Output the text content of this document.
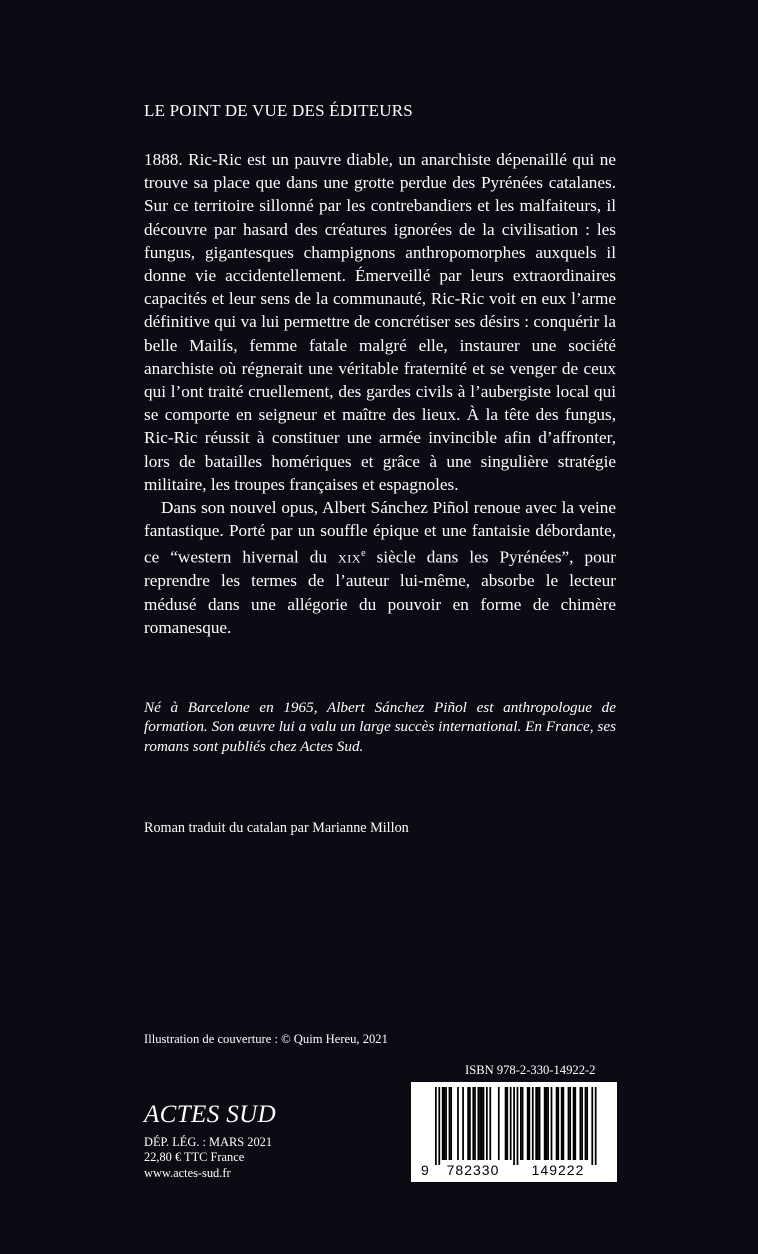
LE POINT DE VUE DES ÉDITEURS

1888. Ric-Ric est un pauvre diable, un anarchiste dépenaillé qui ne trouve sa place que dans une grotte perdue des Pyrénées catalanes. Sur ce territoire sillonné par les contrebandiers et les malfaiteurs, il découvre par hasard des créatures ignorées de la civilisation : les fungus, gigantesques champignons anthropomorphes auxquels il donne vie accidentellement. Émerveillé par leurs extraordinaires capacités et leur sens de la communauté, Ric-Ric voit en eux l’arme définitive qui va lui permettre de concrétiser ses désirs : conquérir la belle Mailís, femme fatale malgré elle, instaurer une société anarchiste où régnerait une véritable fraternité et se venger de ceux qui l’ont traité cruellement, des gardes civils à l’aubergiste local qui se comporte en seigneur et maître des lieux. À la tête des fungus, Ric-Ric réussit à constituer une armée invincible afin d’affronter, lors de batailles homériques et grâce à une singulière stratégie militaire, les troupes françaises et espagnoles.

Dans son nouvel opus, Albert Sánchez Piñol renoue avec la veine fantastique. Porté par un souffle épique et une fantaisie débordante, ce “western hivernal du xix$^e$ siècle dans les Pyrénées”, pour reprendre les termes de l’auteur lui-même, absorbe le lecteur médusé dans une allégorie du pouvoir en forme de chimère romanesque.

Né à Barcelone en 1965, Albert Sánchez Piñol est anthropologue de formation. Son œuvre lui a valu un large succès international. En France, ses romans sont publiés chez Actes Sud.
Roman traduit du catalan par Marianne Millon
Illustration de couverture : © Quim Hereu, 2021
ISBN 978-2-330-14922-2
ACTES SUD
DÉP. LÉG. : MARS 2021
22,80 € TTC France
www.actes-sud.fr	9 782330 149222
